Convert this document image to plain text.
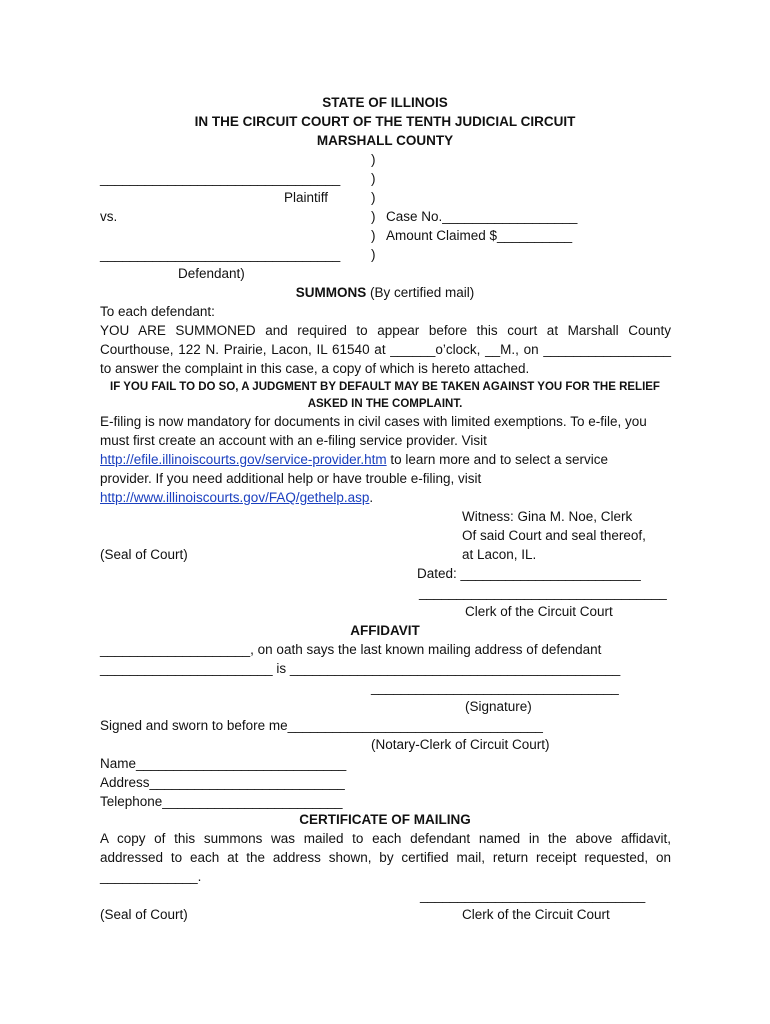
STATE OF ILLINOIS
IN THE CIRCUIT COURT OF THE TENTH JUDICIAL CIRCUIT
MARSHALL COUNTY
)
)
)
)
)
)
________________________________
Plaintiff
vs.	Case No.__________________
Amount Claimed $__________
________________________________
Defendant)
SUMMONS (By certified mail)
To each defendant:
YOU ARE SUMMONED and required to appear before this court at Marshall County
Courthouse, 122 N. Prairie, Lacon, IL 61540 at ______o’clock, __M., on _________________
to answer the complaint in this case, a copy of which is hereto attached.
IF YOU FAIL TO DO SO, A JUDGMENT BY DEFAULT MAY BE TAKEN AGAINST YOU FOR THE RELIEF
ASKED IN THE COMPLAINT.
E-filing is now mandatory for documents in civil cases with limited exemptions. To e-file, you
must first create an account with an e-filing service provider. Visit
http://efile.illinoiscourts.gov/service-provider.htm to learn more and to select a service
provider. If you need additional help or have trouble e-filing, visit
http://www.illinoiscourts.gov/FAQ/gethelp.asp.
Witness: Gina M. Noe, Clerk
Of said Court and seal thereof,
(Seal of Court)	at Lacon, IL.
Dated: ________________________
_________________________________
Clerk of the Circuit Court
AFFIDAVIT
____________________, on oath says the last known mailing address of defendant
_______________________ is ____________________________________________
_________________________________
(Signature)
Signed and sworn to before me__________________________________
(Notary-Clerk of Circuit Court)
Name____________________________
Address__________________________
Telephone________________________
CERTIFICATE OF MAILING
A copy of this summons was mailed to each defendant named in the above affidavit,
addressed to each at the address shown, by certified mail, return receipt requested, on
_____________.
______________________________
(Seal of Court)	Clerk of the Circuit Court
